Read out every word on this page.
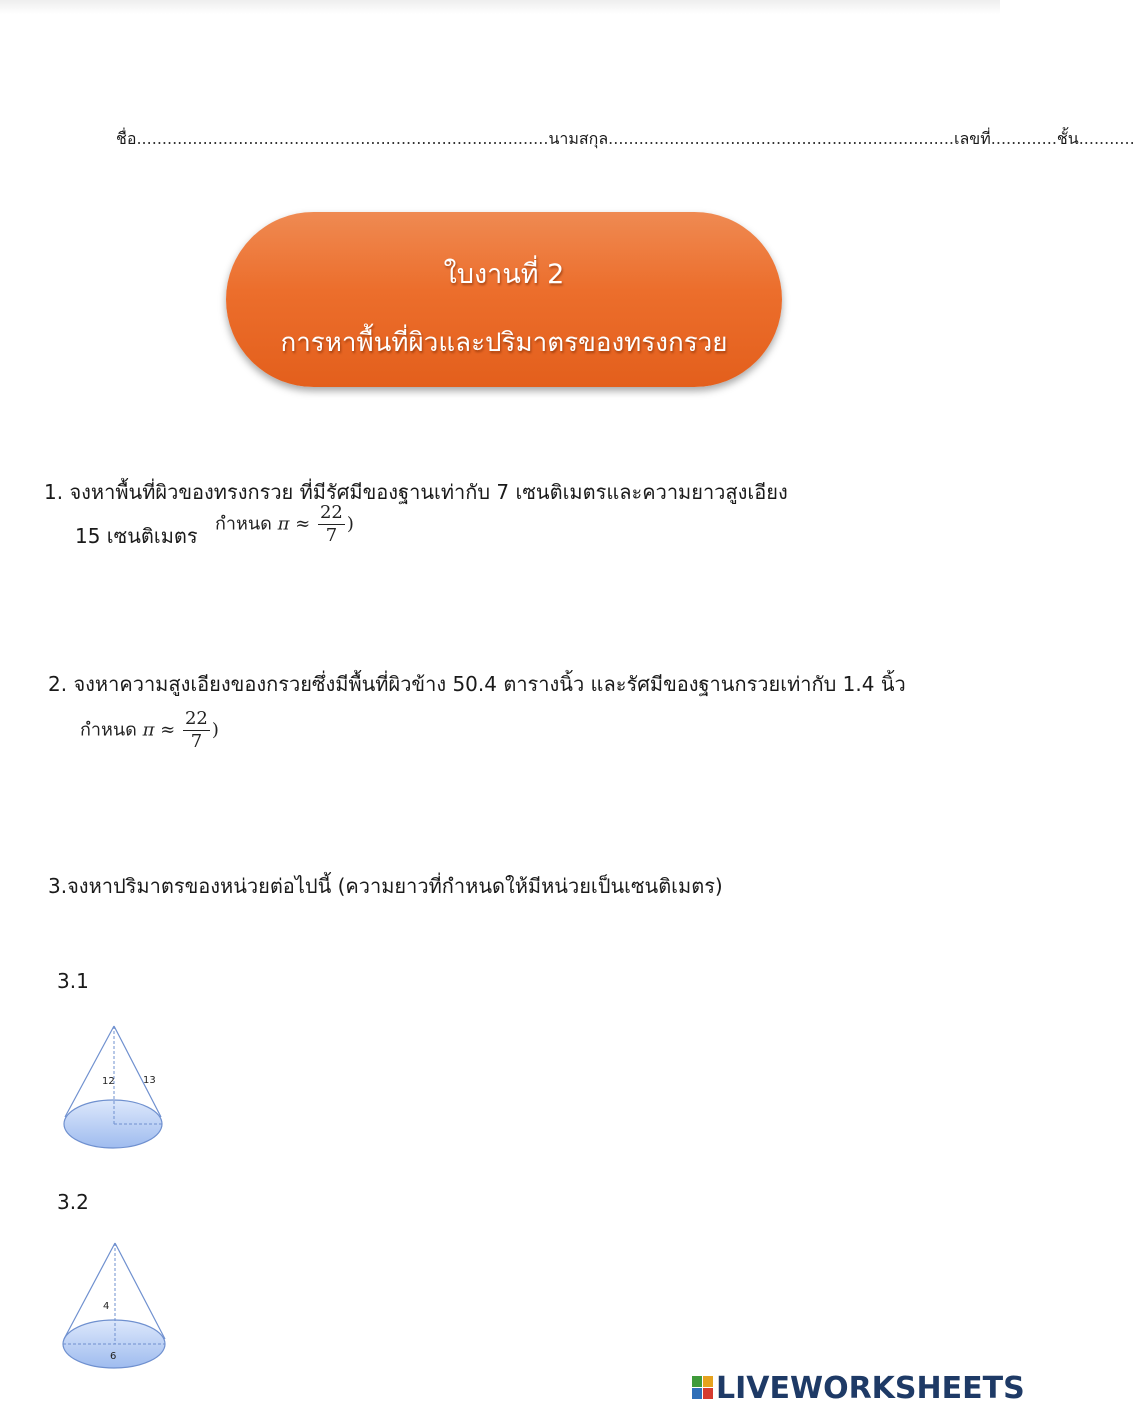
ชื่อ.................................................................................นามสกุล....................................................................เลขที่.............ชั้น...........
ใบงานที่ 2
การหาพื้นที่ผิวและปริมาตรของทรงกรวย
1. จงหาพื้นที่ผิวของทรงกรวย ที่มีรัศมีของฐานเท่ากับ 7 เซนติเมตรและความยาวสูงเอียง
15 เซนติเมตร กำหนด $\pi \approx \frac{22}{7}$ )
2. จงหาความสูงเอียงของกรวยซึ่งมีพื้นที่ผิวข้าง 50.4 ตารางนิ้ว และรัศมีของฐานกรวยเท่ากับ 1.4 นิ้ว
กำหนด $\pi \approx \frac{22}{7}$ )
3.จงหาปริมาตรของหน่วยต่อไปนี้ (ความยาวที่กำหนดให้มีหน่วยเป็นเซนติเมตร)
3.1
12	13
3.2
4
6
LIVEWORKSHEETS
